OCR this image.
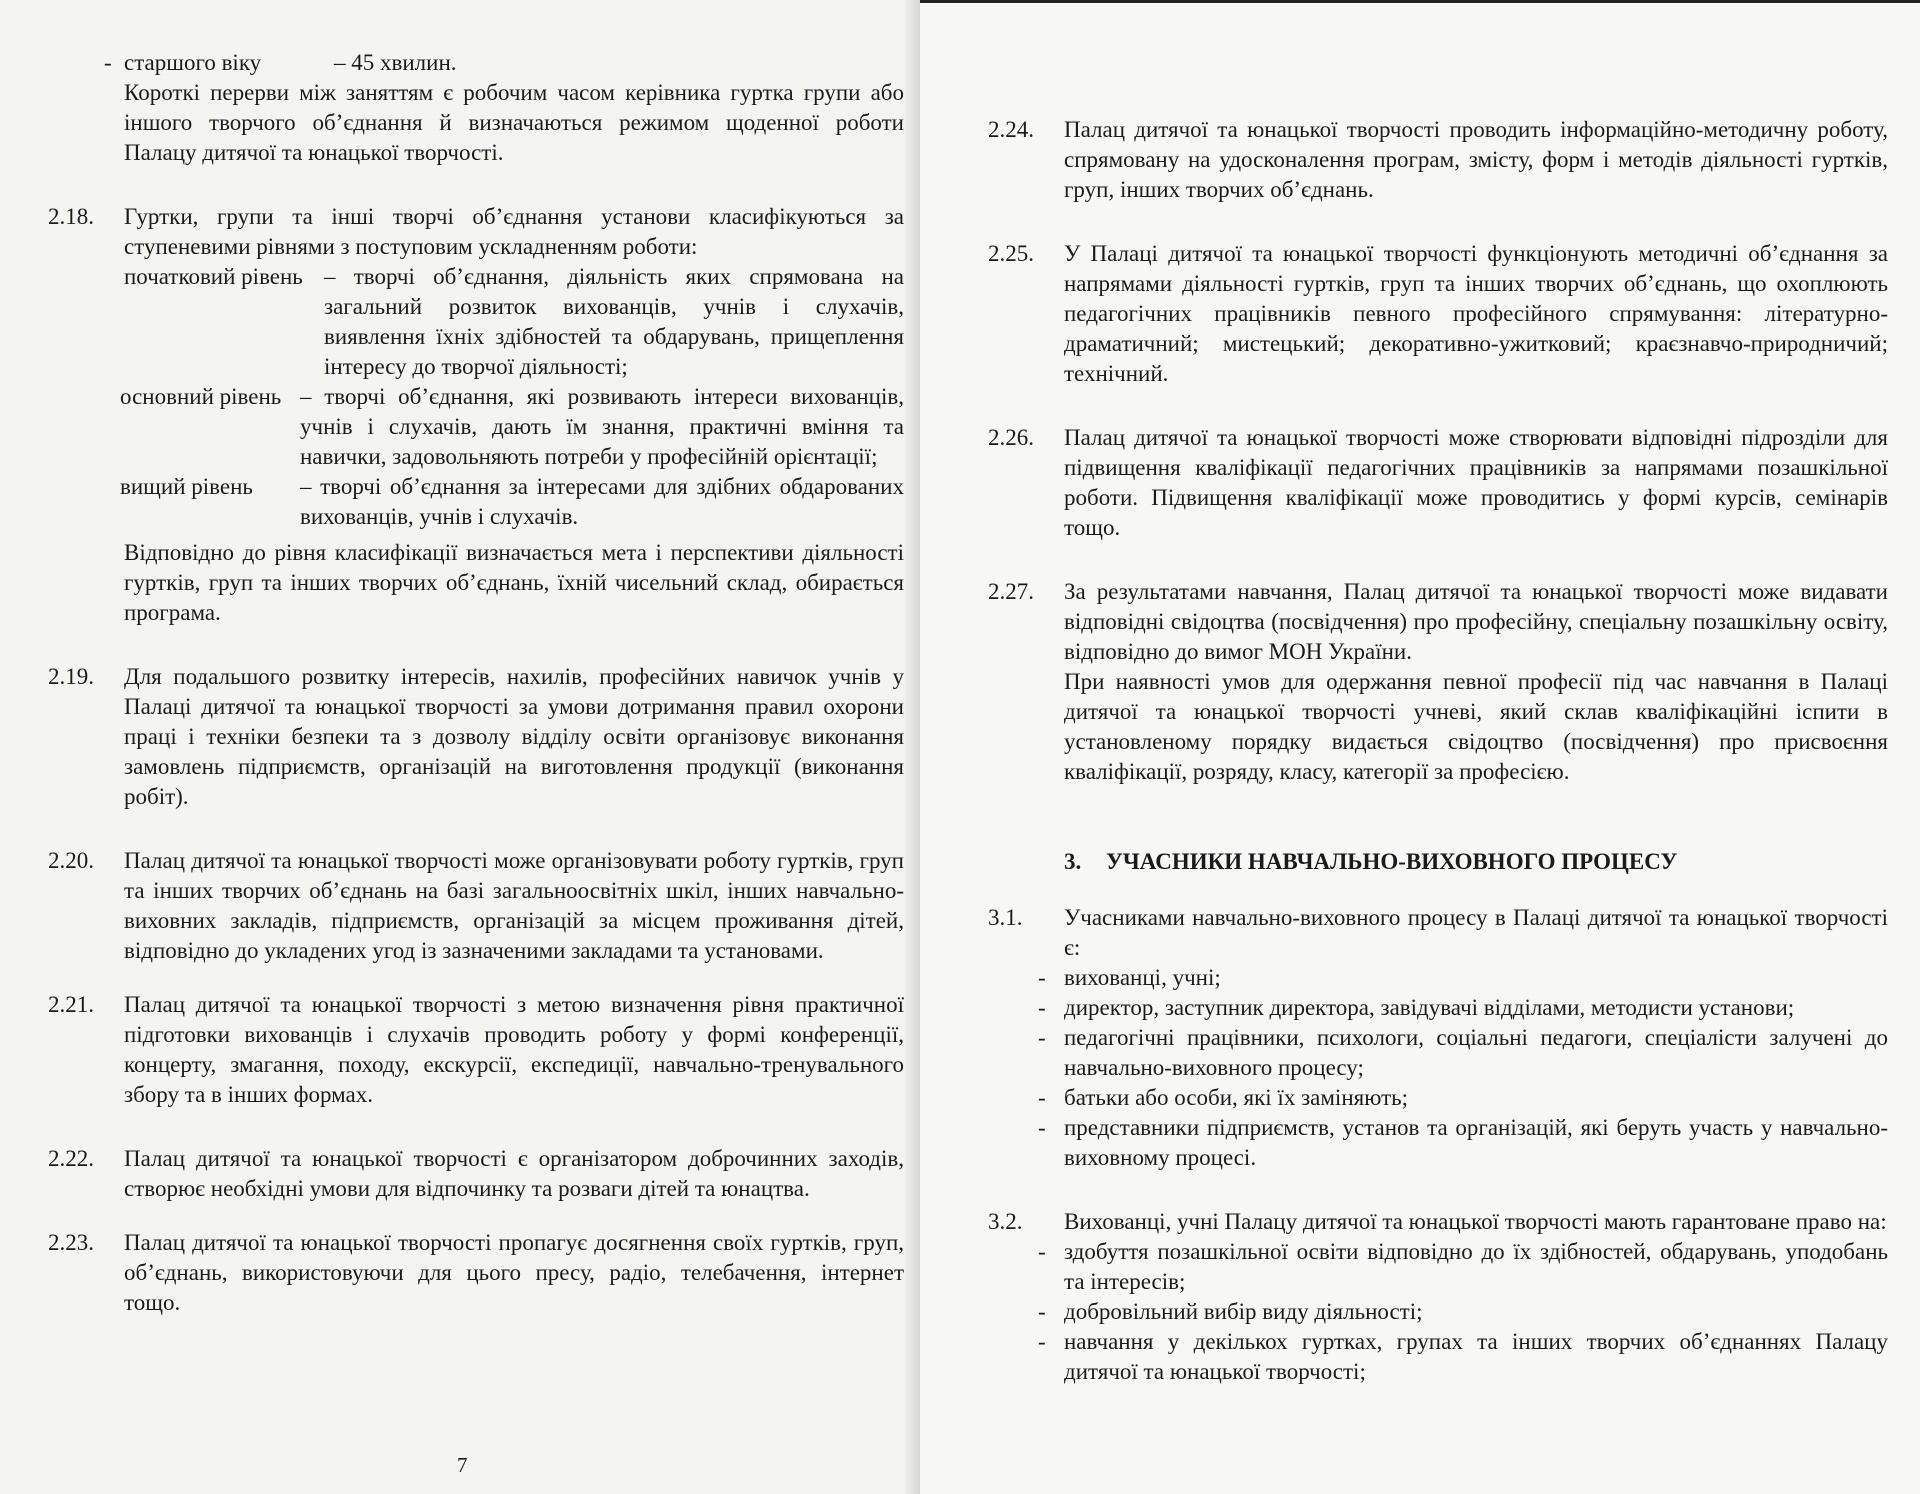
- старшого віку	– 45 хвилин.
Короткі перерви між заняттям є робочим часом керівника гуртка групи або іншого творчого об’єднання й визначаються режимом щоденної роботи Палацу дитячої та юнацької творчості.
2.18. Гуртки, групи та інші творчі об’єднання установи класифікуються за ступеневими рівнями з поступовим ускладненням роботи:
початковий рівень – творчі об’єднання, діяльність яких спрямована на загальний розвиток вихованців, учнів і слухачів, виявлення їхніх здібностей та обдарувань, прищеплення інтересу до творчої діяльності;
основний рівень – творчі об’єднання, які розвивають інтереси вихованців, учнів і слухачів, дають їм знання, практичні вміння та навички, задовольняють потреби у професійній орієнтації;
вищий рівень	– творчі об’єднання за інтересами для здібних обдарованих вихованців, учнів і слухачів.
Відповідно до рівня класифікації визначається мета і перспективи діяльності гуртків, груп та інших творчих об’єднань, їхній чисельний склад, обирається програма.
2.19. Для подальшого розвитку інтересів, нахилів, професійних навичок учнів у Палаці дитячої та юнацької творчості за умови дотримання правил охорони праці і техніки безпеки та з дозволу відділу освіти організовує виконання замовлень підприємств, організацій на виготовлення продукції (виконання робіт).
2.20. Палац дитячої та юнацької творчості може організовувати роботу гуртків, груп та інших творчих об’єднань на базі загальноосвітніх шкіл, інших навчально-виховних закладів, підприємств, організацій за місцем проживання дітей, відповідно до укладених угод із зазначеними закладами та установами.
2.21. Палац дитячої та юнацької творчості з метою визначення рівня практичної підготовки вихованців і слухачів проводить роботу у формі конференції, концерту, змагання, походу, екскурсії, експедиції, навчально-тренувального збору та в інших формах.
2.22. Палац дитячої та юнацької творчості є організатором доброчинних заходів, створює необхідні умови для відпочинку та розваги дітей та юнацтва.
2.23. Палац дитячої та юнацької творчості пропагує досягнення своїх гуртків, груп, об’єднань, використовуючи для цього пресу, радіо, телебачення, інтернет тощо.
7
2.24. Палац дитячої та юнацької творчості проводить інформаційно-методичну роботу, спрямовану на удосконалення програм, змісту, форм і методів діяльності гуртків, груп, інших творчих об’єднань.
2.25. У Палаці дитячої та юнацької творчості функціонують методичні об’єднання за напрямами діяльності гуртків, груп та інших творчих об’єднань, що охоплюють педагогічних працівників певного професійного спрямування: літературно-драматичний; мистецький; декоративно-ужитковий; краєзнавчо-природничий; технічний.
2.26. Палац дитячої та юнацької творчості може створювати відповідні підрозділи для підвищення кваліфікації педагогічних працівників за напрямами позашкільної роботи. Підвищення кваліфікації може проводитись у формі курсів, семінарів тощо.
2.27. За результатами навчання, Палац дитячої та юнацької творчості може видавати відповідні свідоцтва (посвідчення) про професійну, спеціальну позашкільну освіту, відповідно до вимог МОН України.
При наявності умов для одержання певної професії під час навчання в Палаці дитячої та юнацької творчості учневі, який склав кваліфікаційні іспити в установленому порядку видається свідоцтво (посвідчення) про присвоєння кваліфікації, розряду, класу, категорії за професією.
3. УЧАСНИКИ НАВЧАЛЬНО-ВИХОВНОГО ПРОЦЕСУ
3.1. Учасниками навчально-виховного процесу в Палаці дитячої та юнацької творчості є:
- вихованці, учні;
- директор, заступник директора, завідувачі відділами, методисти установи;
- педагогічні працівники, психологи, соціальні педагоги, спеціалісти залучені до навчально-виховного процесу;
- батьки або особи, які їх заміняють;
- представники підприємств, установ та організацій, які беруть участь у навчально-виховному процесі.
3.2. Вихованці, учні Палацу дитячої та юнацької творчості мають гарантоване право на:
- здобуття позашкільної освіти відповідно до їх здібностей, обдарувань, уподобань та інтересів;
- добровільний вибір виду діяльності;
- навчання у декількох гуртках, групах та інших творчих об’єднаннях Палацу дитячої та юнацької творчості;
